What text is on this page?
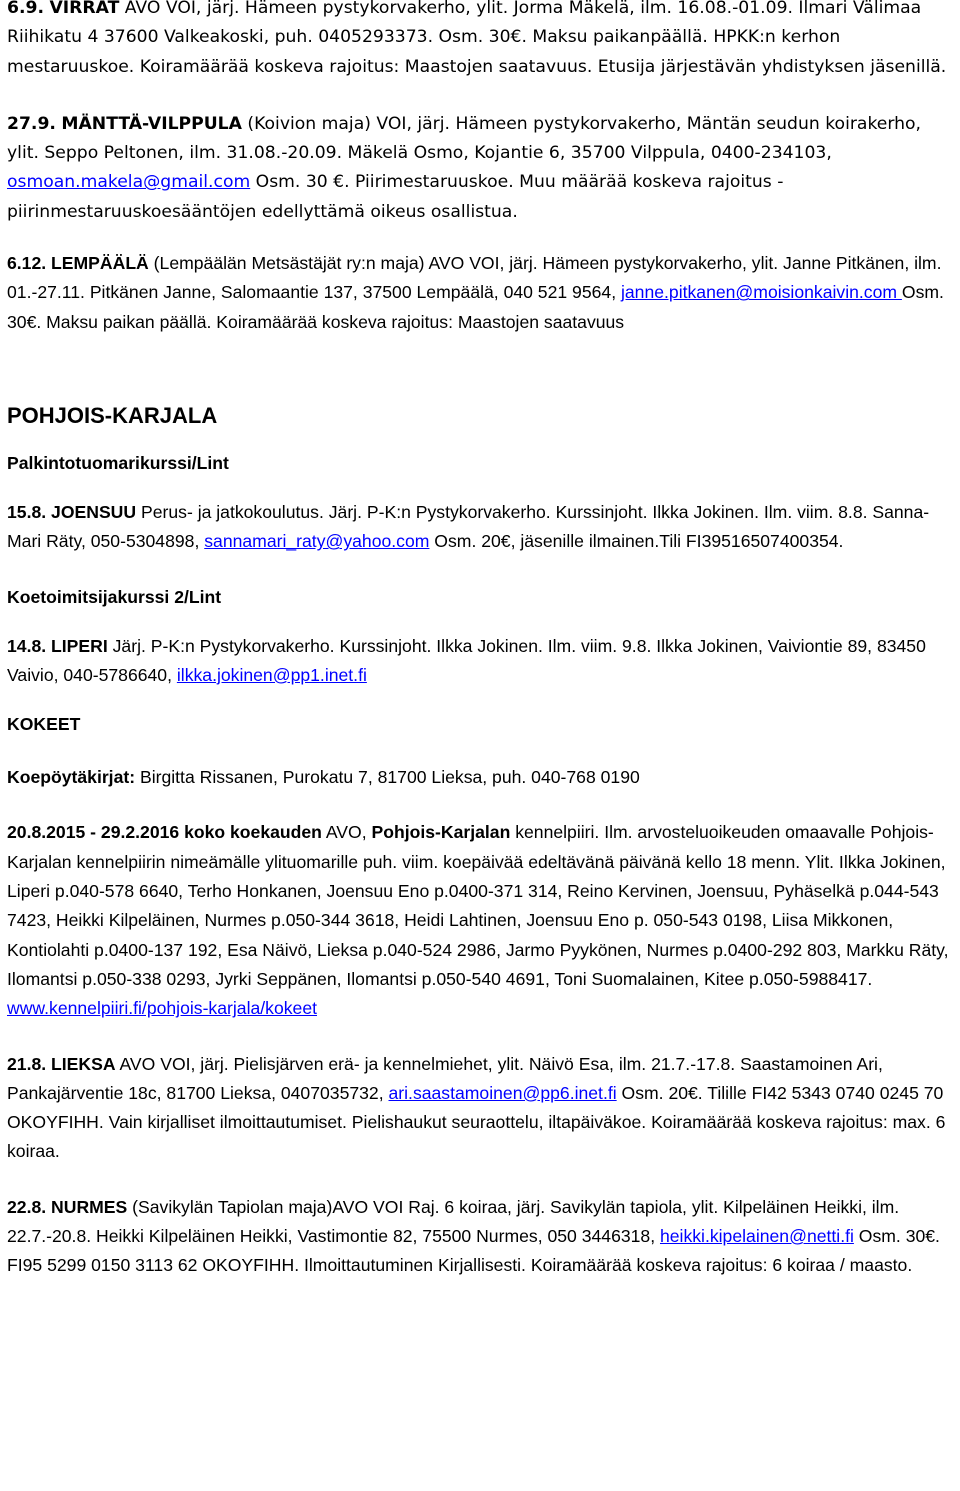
6.9. VIRRAT AVO VOI, järj. Hämeen pystykorvakerho, ylit. Jorma Mäkelä, ilm. 16.08.-01.09. Ilmari Välimaa Riihikatu 4 37600 Valkeakoski, puh. 0405293373. Osm. 30€. Maksu paikanpäällä. HPKK:n kerhon mestaruuskoe. Koiramäärää koskeva rajoitus: Maastojen saatavuus. Etusija järjestävän yhdistyksen jäsenillä.

27.9. MÄNTTÄ-VILPPULA (Koivion maja) VOI, järj. Hämeen pystykorvakerho, Mäntän seudun koirakerho, ylit. Seppo Peltonen, ilm. 31.08.-20.09. Mäkelä Osmo, Kojantie 6, 35700 Vilppula, 0400-234103, osmoan.makela@gmail.com Osm. 30 €. Piirimestaruuskoe. Muu määrää koskeva rajoitus - piirinmestaruuskoesääntöjen edellyttämä oikeus osallistua.

6.12. LEMPÄÄLÄ (Lempäälän Metsästäjät ry:n maja) AVO VOI, järj. Hämeen pystykorvakerho, ylit. Janne Pitkänen, ilm. 01.-27.11. Pitkänen Janne, Salomaantie 137, 37500 Lempäälä, 040 521 9564, janne.pitkanen@moisionkaivin.com Osm. 30€. Maksu paikan päällä. Koiramäärää koskeva rajoitus: Maastojen saatavuus

POHJOIS-KARJALA

Palkintotuomarikurssi/Lint

15.8. JOENSUU Perus- ja jatkokoulutus. Järj. P-K:n Pystykorvakerho. Kurssinjoht. Ilkka Jokinen. Ilm. viim. 8.8. Sanna-Mari Räty, 050-5304898, sannamari_raty@yahoo.com Osm. 20€, jäsenille ilmainen.Tili FI39516507400354.

Koetoimitsijakurssi 2/Lint

14.8. LIPERI Järj. P-K:n Pystykorvakerho. Kurssinjoht. Ilkka Jokinen. Ilm. viim. 9.8. Ilkka Jokinen, Vaiviontie 89, 83450 Vaivio, 040-5786640, ilkka.jokinen@pp1.inet.fi

KOKEET

Koepöytäkirjat: Birgitta Rissanen, Purokatu 7, 81700 Lieksa, puh. 040-768 0190

20.8.2015 - 29.2.2016 koko koekauden AVO, Pohjois-Karjalan kennelpiiri. Ilm. arvosteluoikeuden omaavalle Pohjois-Karjalan kennelpiirin nimeämälle ylituomarille puh. viim. koepäivää edeltävänä päivänä kello 18 menn. Ylit. Ilkka Jokinen, Liperi p.040-578 6640, Terho Honkanen, Joensuu Eno p.0400-371 314, Reino Kervinen, Joensuu, Pyhäselkä p.044-543 7423, Heikki Kilpeläinen, Nurmes p.050-344 3618, Heidi Lahtinen, Joensuu Eno p. 050-543 0198, Liisa Mikkonen, Kontiolahti p.0400-137 192, Esa Näivö, Lieksa p.040-524 2986, Jarmo Pyykönen, Nurmes p.0400-292 803, Markku Räty, Ilomantsi p.050-338 0293, Jyrki Seppänen, Ilomantsi p.050-540 4691, Toni Suomalainen, Kitee p.050-5988417. www.kennelpiiri.fi/pohjois-karjala/kokeet

21.8. LIEKSA AVO VOI, järj. Pielisjärven erä- ja kennelmiehet, ylit. Näivö Esa, ilm. 21.7.-17.8. Saastamoinen Ari, Pankajärventie 18c, 81700 Lieksa, 0407035732, ari.saastamoinen@pp6.inet.fi Osm. 20€. Tilille FI42 5343 0740 0245 70 OKOYFIHH. Vain kirjalliset ilmoittautumiset. Pielishaukut seuraottelu, iltapäiväkoe. Koiramäärää koskeva rajoitus: max. 6 koiraa.

22.8. NURMES (Savikylän Tapiolan maja)AVO VOI Raj. 6 koiraa, järj. Savikylän tapiola, ylit. Kilpeläinen Heikki, ilm. 22.7.-20.8. Heikki Kilpeläinen Heikki, Vastimontie 82, 75500 Nurmes, 050 3446318, heikki.kipelainen@netti.fi Osm. 30€. FI95 5299 0150 3113 62 OKOYFIHH. Ilmoittautuminen Kirjallisesti. Koiramäärää koskeva rajoitus: 6 koiraa / maasto.
